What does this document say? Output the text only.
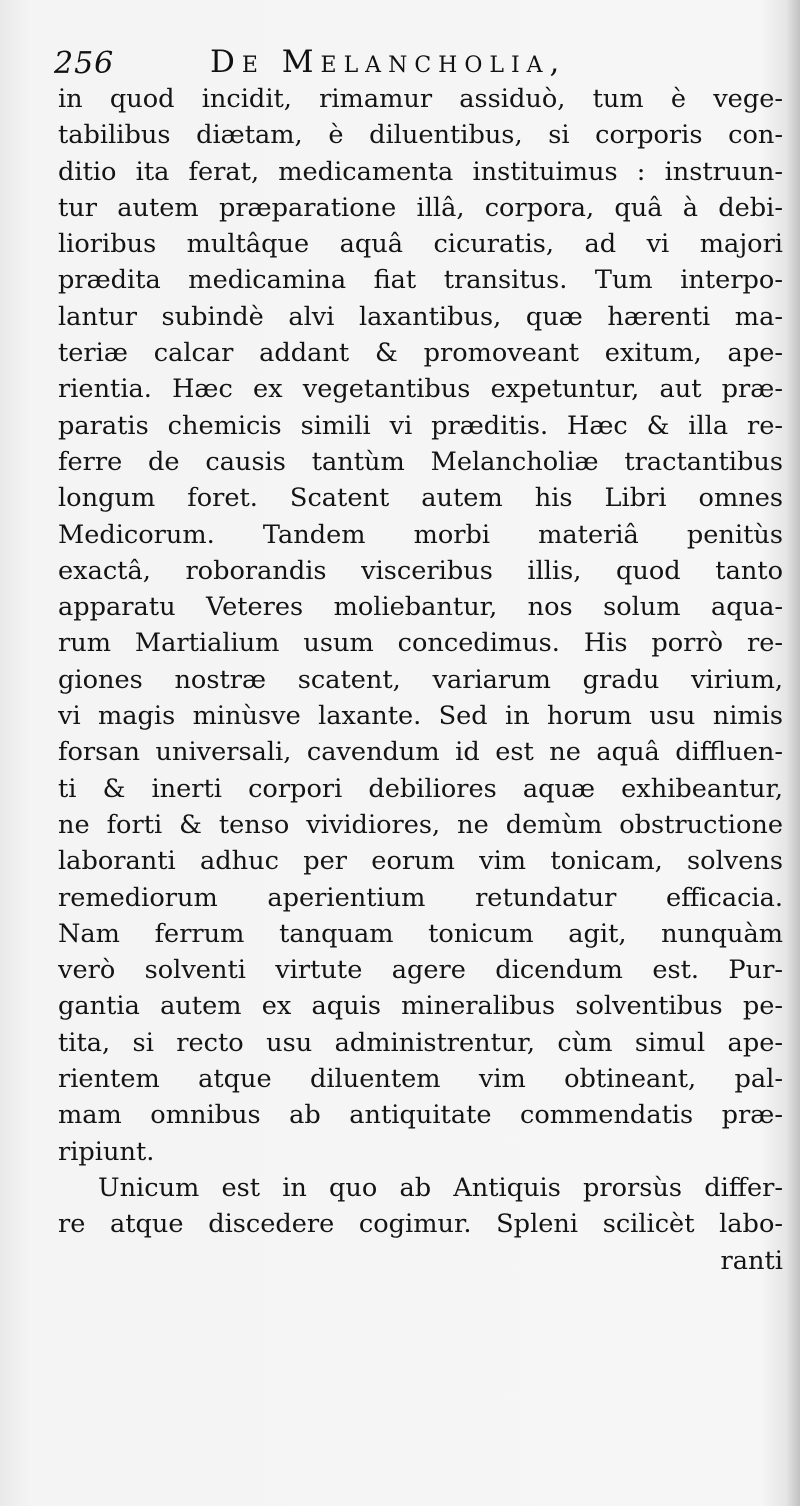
256	De Melancholia,
in quod incidit, rimamur assiduò, tum è vege-
tabilibus diætam, è diluentibus, si corporis con-
ditio ita ferat, medicamenta instituimus : instruun-
tur autem præparatione illâ, corpora, quâ à debi-
lioribus multâque aquâ cicuratis, ad vi majori
prædita medicamina fiat transitus. Tum interpo-
lantur subindè alvi laxantibus, quæ hærenti ma-
teriæ calcar addant & promoveant exitum, ape-
rientia. Hæc ex vegetantibus expetuntur, aut præ-
paratis chemicis simili vi præditis. Hæc & illa re-
ferre de causis tantùm Melancholiæ tractantibus
longum foret. Scatent autem his Libri omnes
Medicorum. Tandem morbi materiâ penitùs
exactâ, roborandis visceribus illis, quod tanto
apparatu Veteres moliebantur, nos solum aqua-
rum Martialium usum concedimus. His porrò re-
giones nostræ scatent, variarum gradu virium,
vi magis minùsve laxante. Sed in horum usu nimis
forsan universali, cavendum id est ne aquâ diffluen-
ti & inerti corpori debiliores aquæ exhibeantur,
ne forti & tenso vividiores, ne demùm obstructione
laboranti adhuc per eorum vim tonicam, solvens
remediorum aperientium retundatur efficacia.
Nam ferrum tanquam tonicum agit, nunquàm
verò solventi virtute agere dicendum est. Pur-
gantia autem ex aquis mineralibus solventibus pe-
tita, si recto usu administrentur, cùm simul ape-
rientem atque diluentem vim obtineant, pal-
mam omnibus ab antiquitate commendatis præ-
ripiunt.
Unicum est in quo ab Antiquis prorsùs differ-
re atque discedere cogimur. Spleni scilicèt labo-
ranti
